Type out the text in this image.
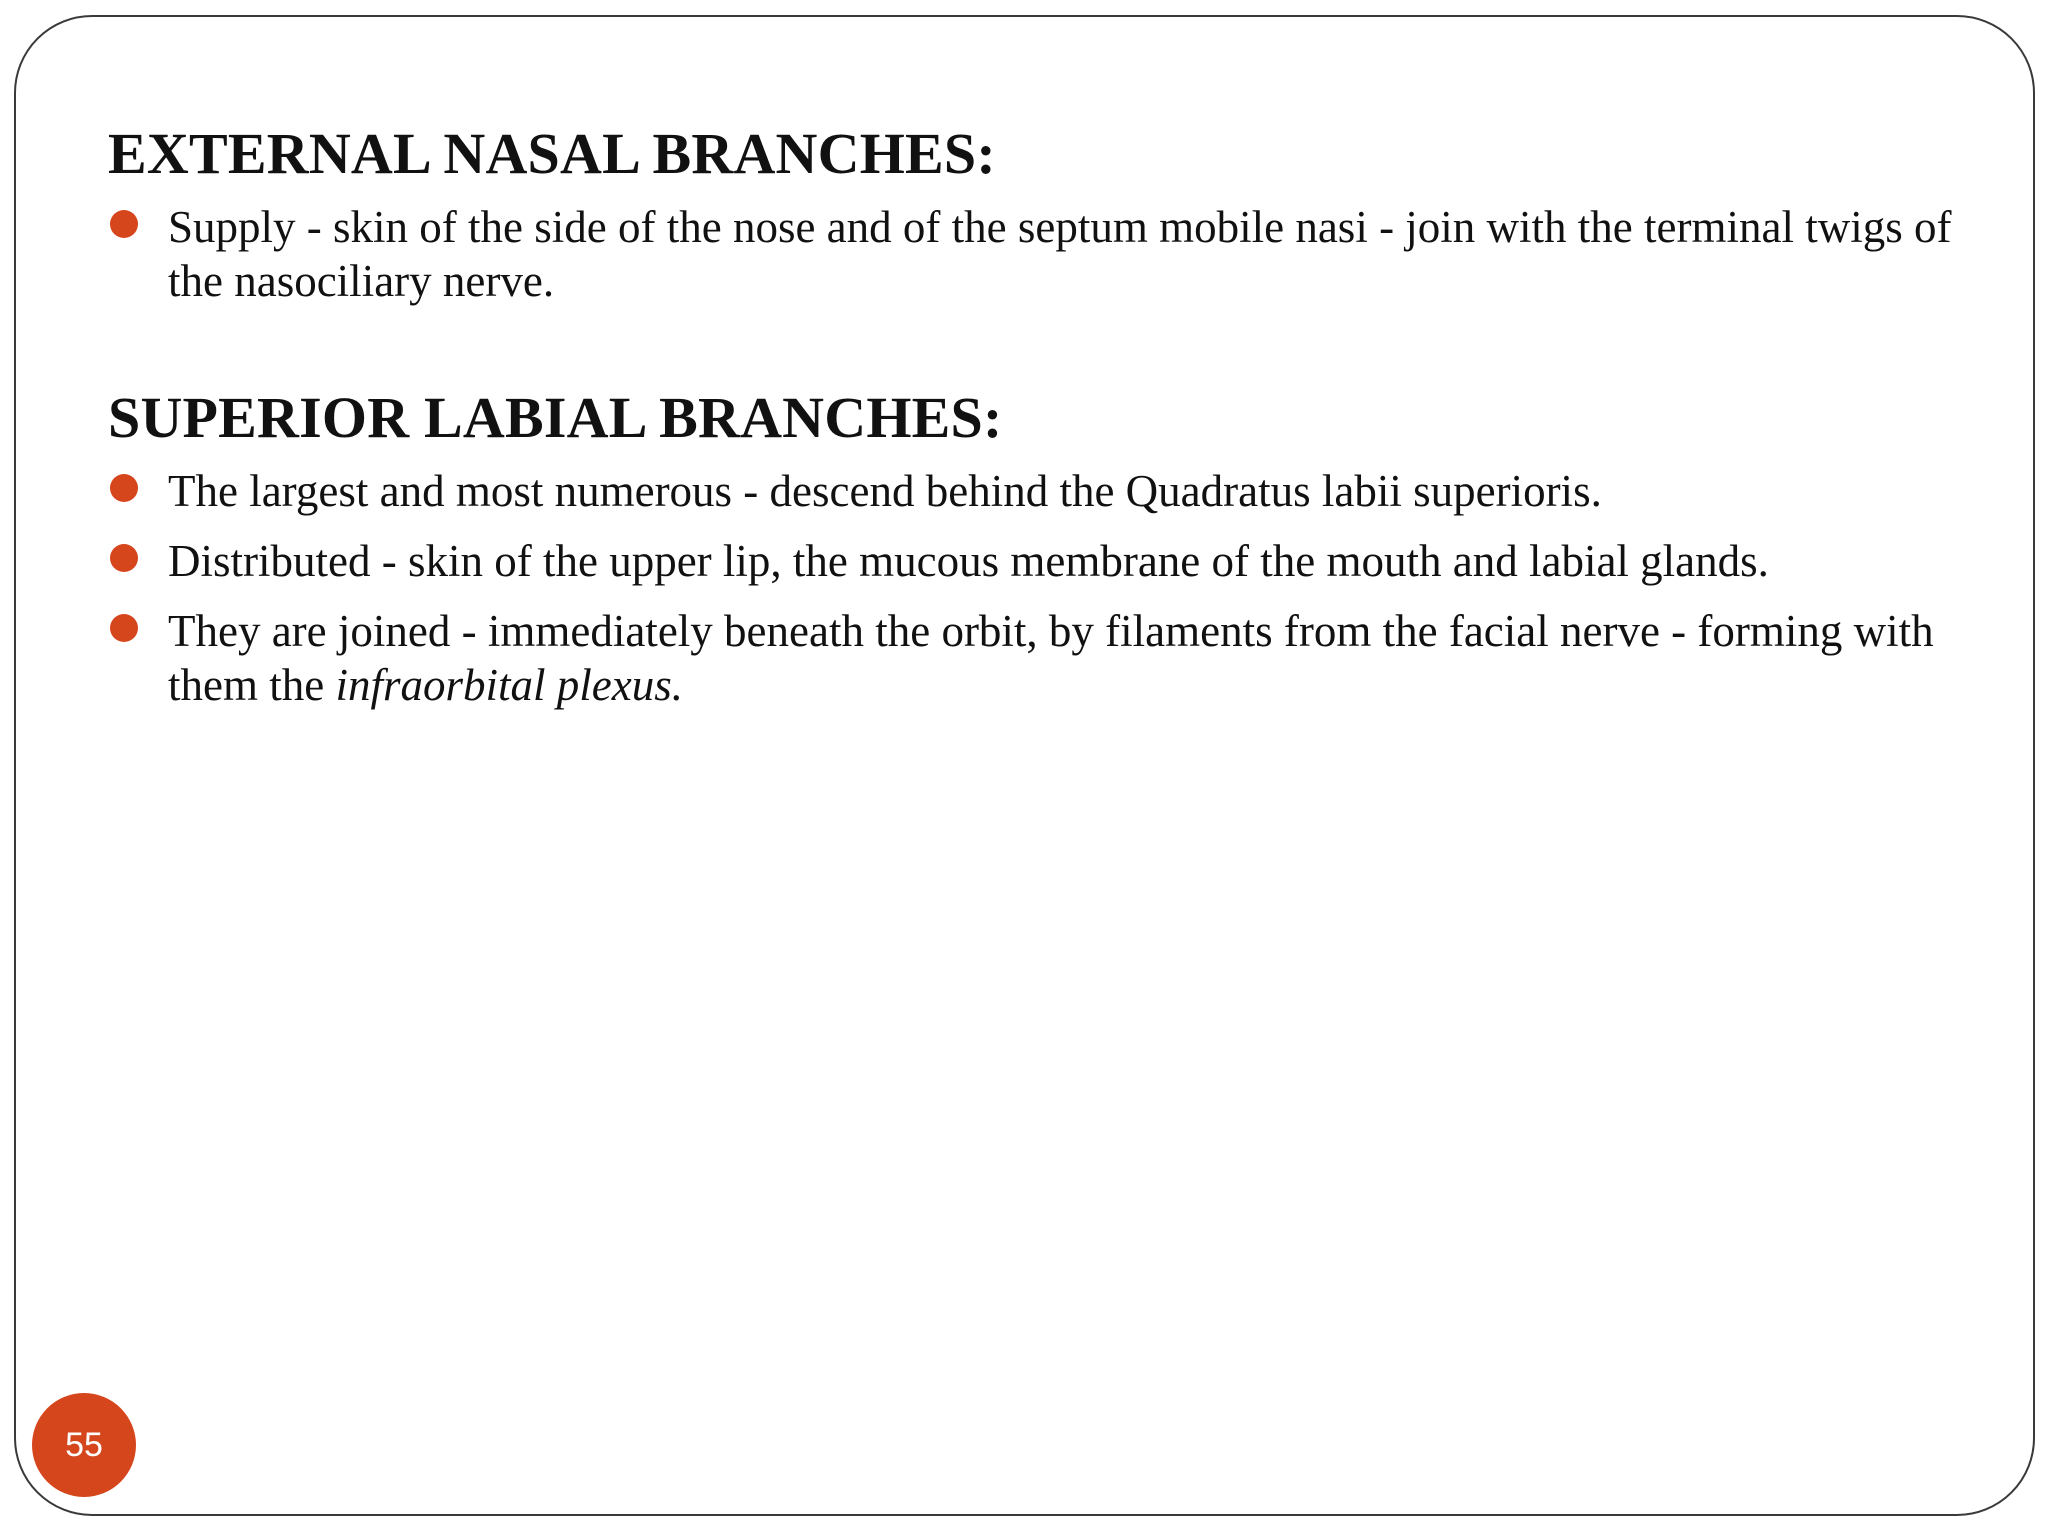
EXTERNAL NASAL BRANCHES:
Supply - skin of the side of the nose and of the septum mobile nasi - join with the terminal twigs of the nasociliary nerve.
SUPERIOR LABIAL BRANCHES:
The largest and most numerous - descend behind the Quadratus labii superioris.
Distributed - skin of the upper lip, the mucous membrane of the mouth and labial glands.
They are joined - immediately beneath the orbit, by filaments from the facial nerve - forming with them the infraorbital plexus.
55
